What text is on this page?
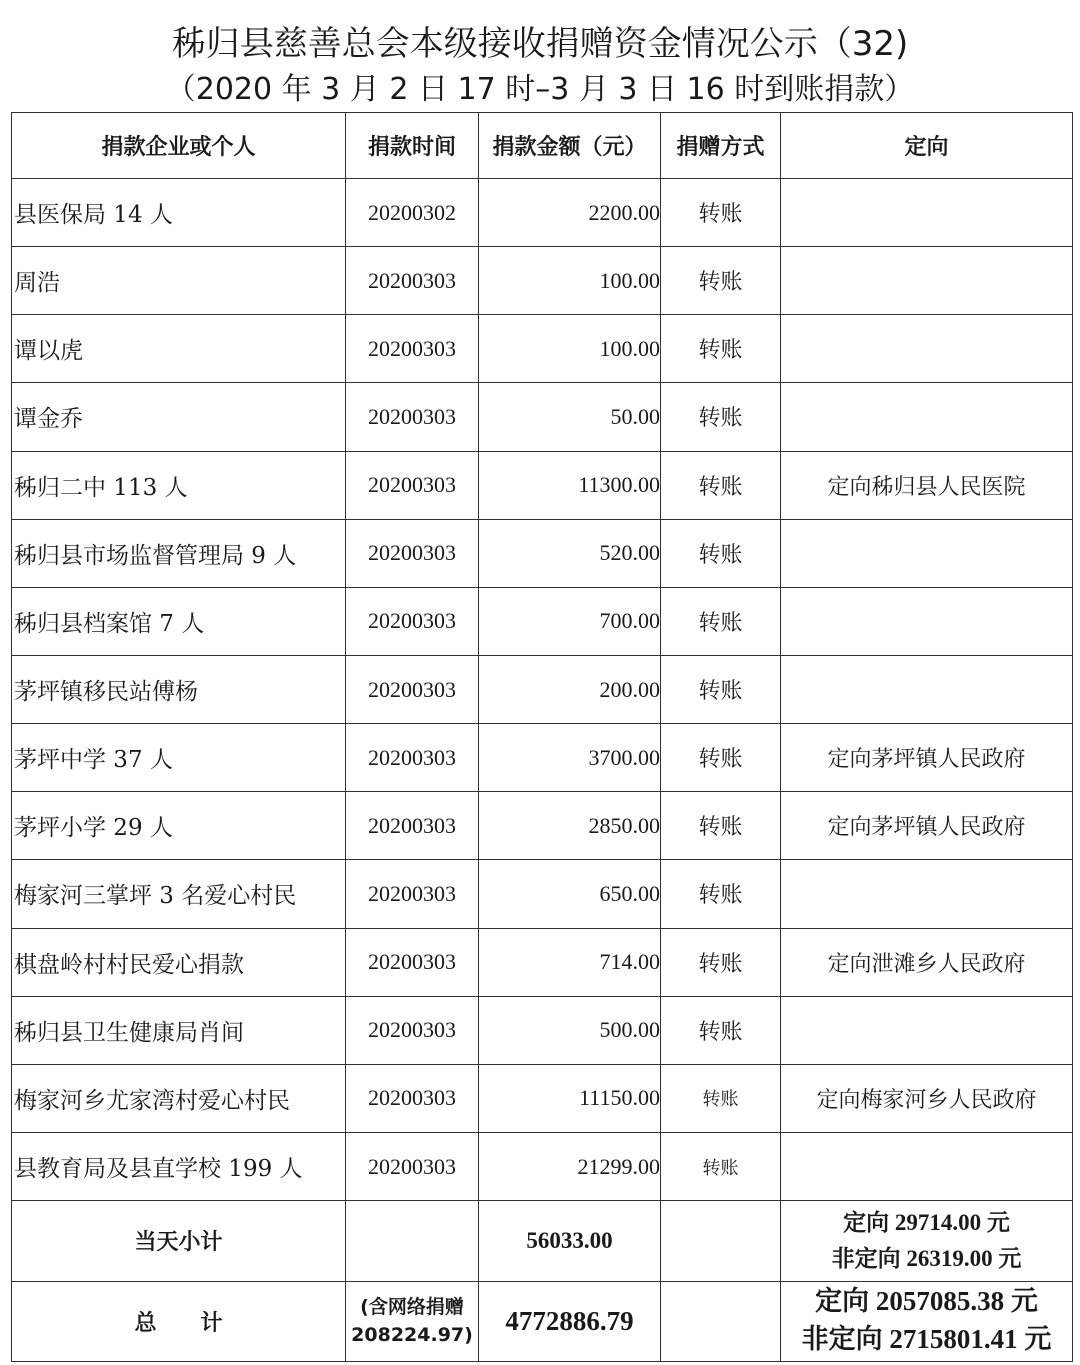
秭归县慈善总会本级接收捐赠资金情况公示（32)
（2020 年 3 月 2 日 17 时–3 月 3 日 16 时到账捐款）
捐款企业或个人	捐款时间	捐款金额（元）	捐赠方式	定向
县医保局 14 人	20200302	2200.00	转账	
周浩	20200303	100.00	转账	
谭以虎	20200303	100.00	转账	
谭金乔	20200303	50.00	转账	
秭归二中 113 人	20200303	11300.00	转账	定向秭归县人民医院
秭归县市场监督管理局 9 人	20200303	520.00	转账	
秭归县档案馆 7 人	20200303	700.00	转账	
茅坪镇移民站傅杨	20200303	200.00	转账	
茅坪中学 37 人	20200303	3700.00	转账	定向茅坪镇人民政府
茅坪小学 29 人	20200303	2850.00	转账	定向茅坪镇人民政府
梅家河三掌坪 3 名爱心村民	20200303	650.00	转账	
棋盘岭村村民爱心捐款	20200303	714.00	转账	定向泄滩乡人民政府
秭归县卫生健康局肖间	20200303	500.00	转账	
梅家河乡尤家湾村爱心村民	20200303	11150.00	转账	定向梅家河乡人民政府
县教育局及县直学校 199 人	20200303	21299.00	转账	
当天小计		56033.00		定向 29714.00 元
非定向 26319.00 元

总　　计	(含网络捐赠
208224.97)	4772886.79		定向 2057085.38 元
非定向 2715801.41 元
